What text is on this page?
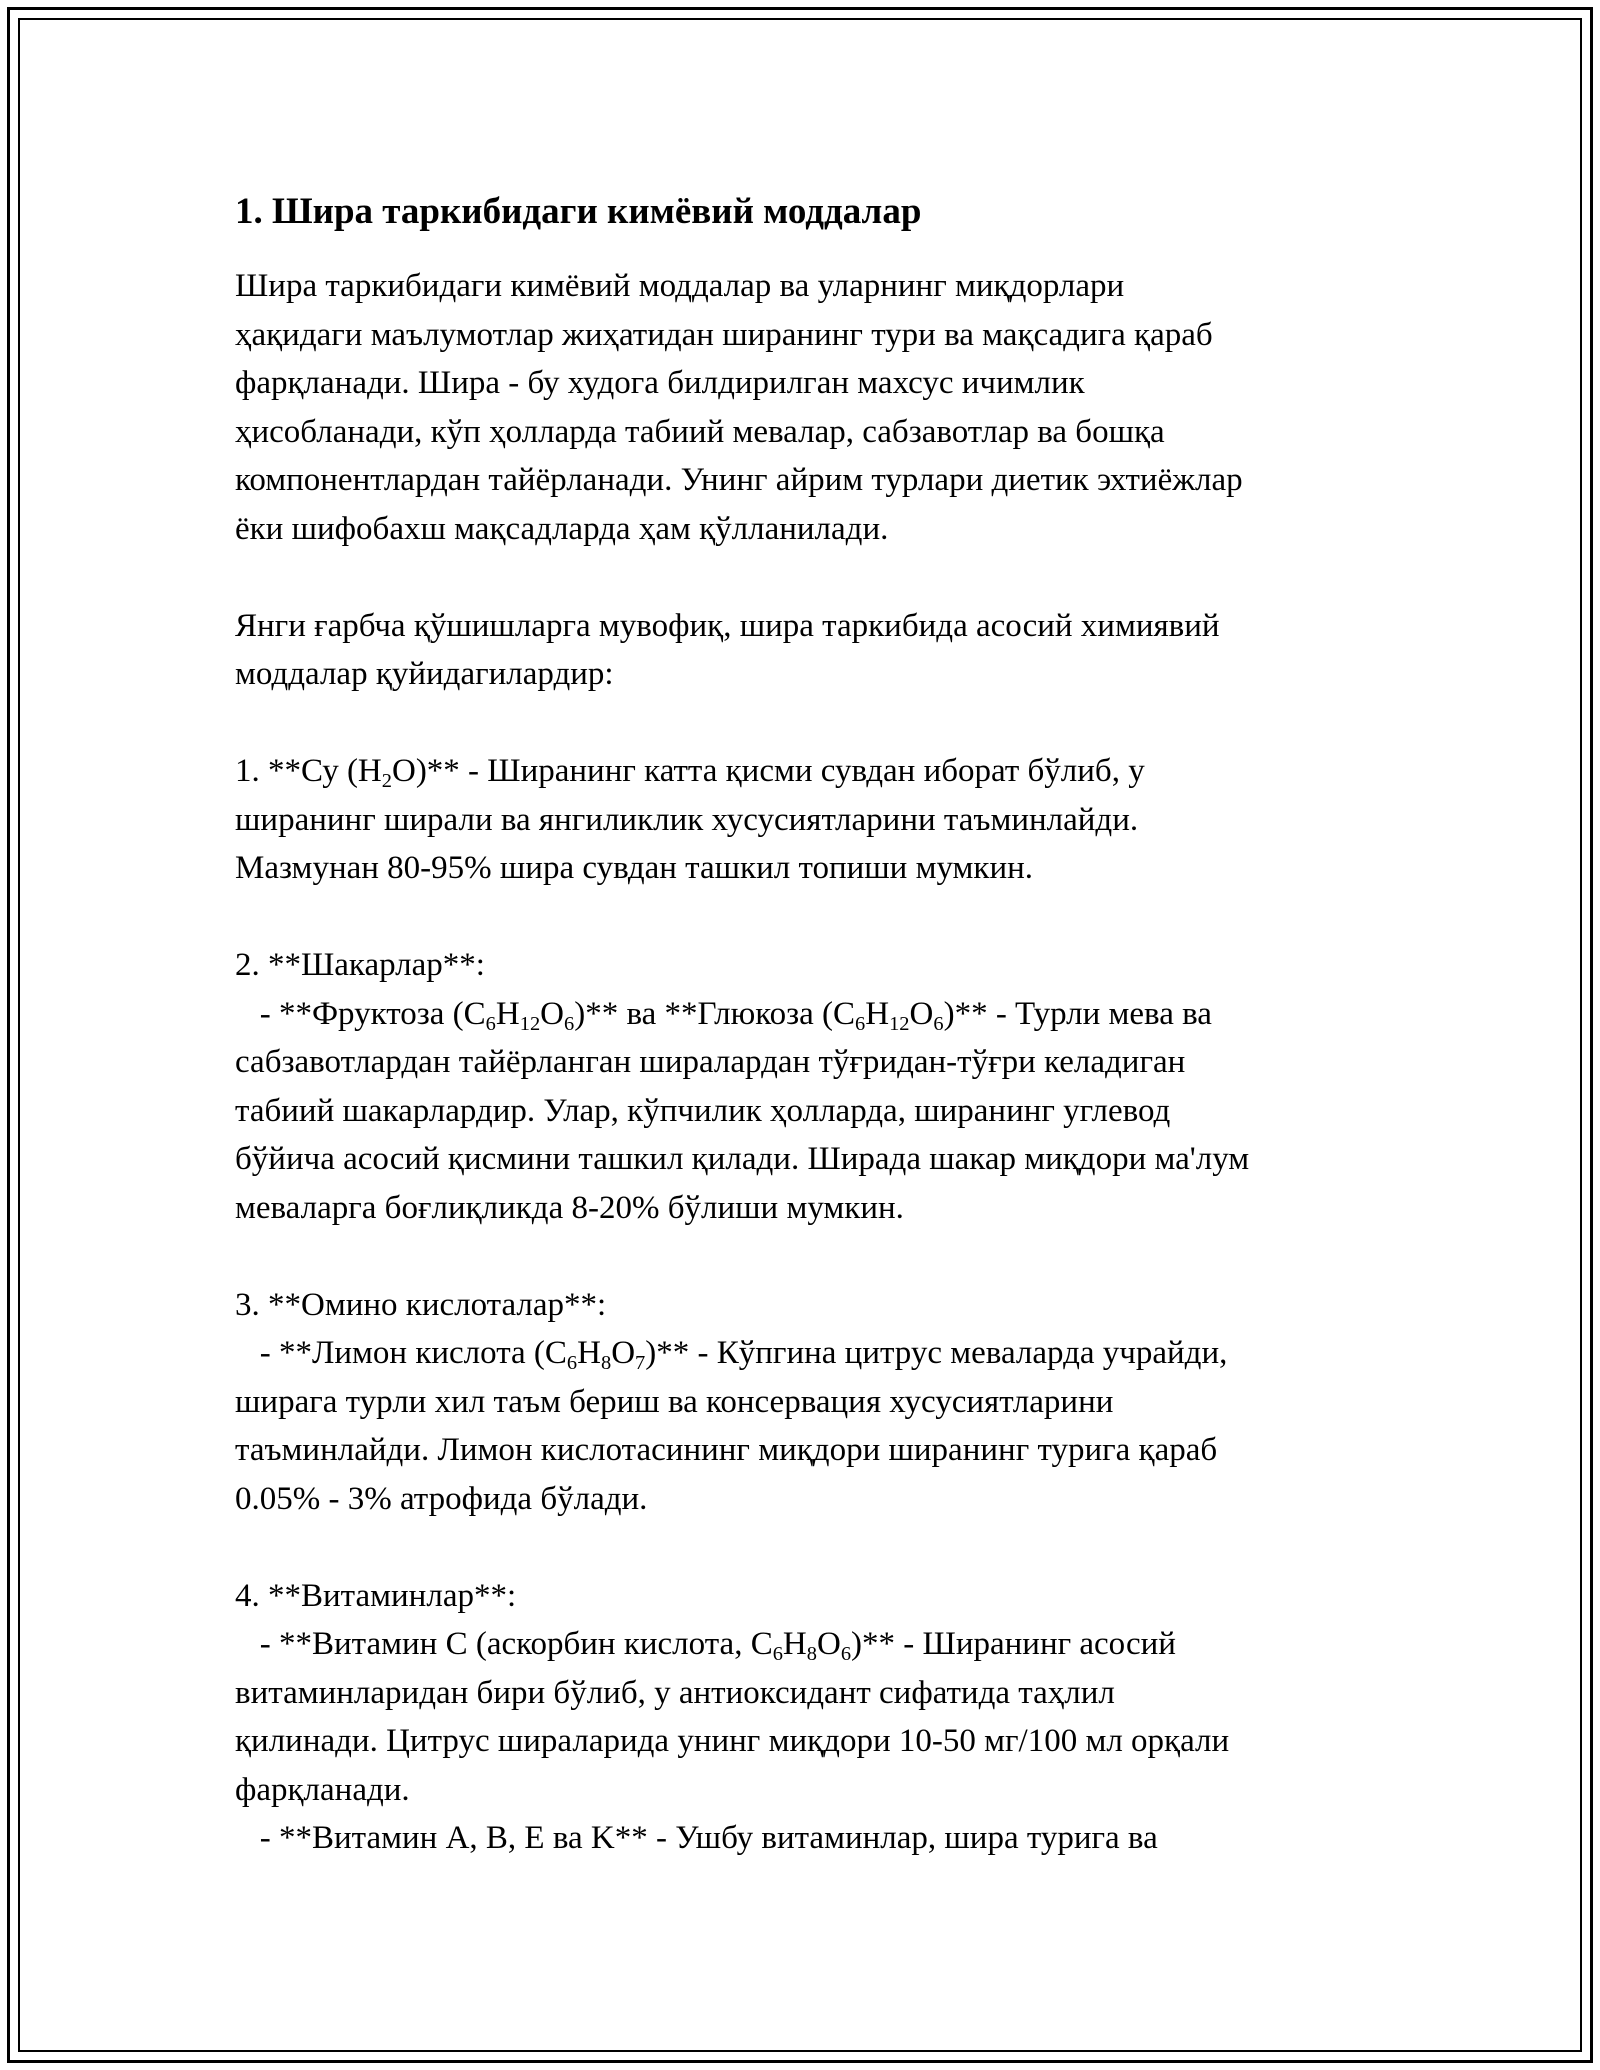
1. Шира таркибидаги кимёвий моддалар

Шира таркибидаги кимёвий моддалар ва уларнинг миқдорлари
ҳақидаги маълумотлар жиҳатидан ширанинг тури ва мақсадига қараб
фарқланади. Шира - бу худога билдирилган махсус ичимлик
ҳисобланади, кўп ҳолларда табиий мевалар, сабзавотлар ва бошқа
компонентлардан тайёрланади. Унинг айрим турлари диетик эхтиёжлар
ёки шифобахш мақсадларда ҳам қўлланилади.

Янги ғарбча қўшишларга мувофиқ, шира таркибида асосий химиявий
моддалар қуйидагилардир:

1. **Су $(H_2O)**$ - Ширанинг катта қисми сувдан иборат бўлиб, у
ширанинг ширали ва янгиликлик хусусиятларини таъминлайди.
Мазмунан 80-95% шира сувдан ташкил топиши мумкин.

2. **Шакарлар**:
- **Фруктоза $(C_6H_{12}O_6)**$ ва **Глюкоза $(C_6H_{12}O_6)**$ - Турли мева ва
сабзавотлардан тайёрланган шиpалардан тўғридан-тўғри келадиган
табиий шакарлардир. Улар, кўпчилик ҳолларда, ширанинг углевод
бўйича асосий қисмини ташкил қилади. Ширада шакар миқдори ма'лум
меваларга боғлиқликда 8-20% бўлиши мумкин.

3. **Омино кислоталар**:
- **Лимон кислота $(C_6H_8O_7)**$ - Кўпгина цитрус меваларда учрайди,
ширага турли хил таъм бериш ва консервация хусусиятларини
таъминлайди. Лимон кислотасининг миқдори ширанинг турига қараб
0.05% - 3% атрофида бўлади.

4. **Витаминлар**:
- **Витамин C (аскорбин кислота, $C_6H_8O_6)**$ - Ширанинг асосий
витаминларидан бири бўлиб, у антиоксидант сифатида таҳлил
қилинади. Цитрус шираларида унинг миқдори 10-50 мг/100 мл орқали
фарқланади.
- **Витамин A, B, E ва K** - Ушбу витаминлар, шира турига ва
